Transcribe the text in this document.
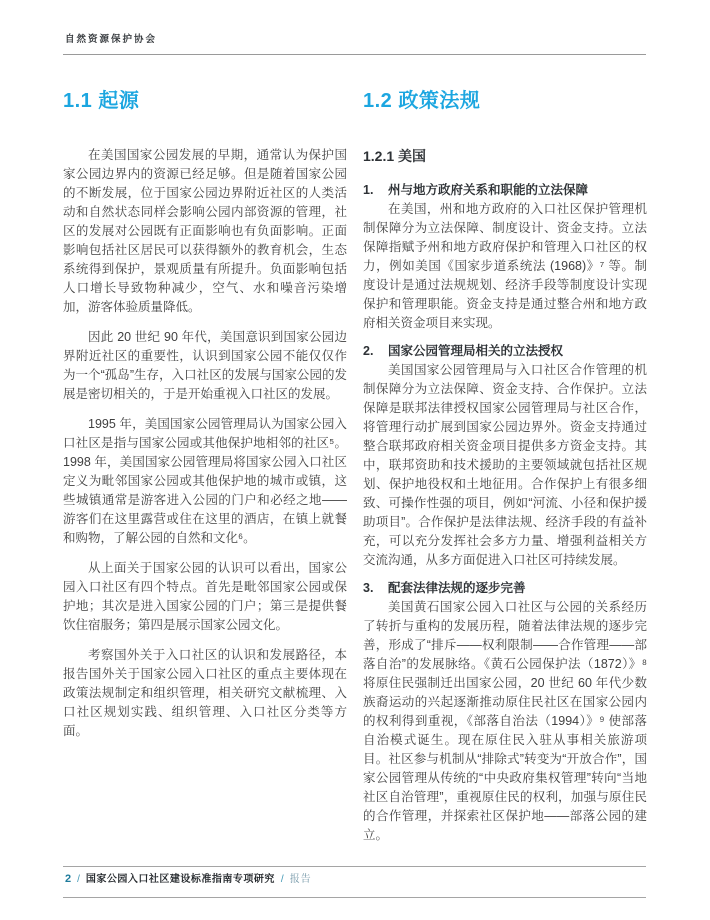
自然资源保护协会
1.1 起源

在美国国家公园发展的早期，通常认为保护国家公园边界内的资源已经足够。但是随着国家公园的不断发展，位于国家公园边界附近社区的人类活动和自然状态同样会影响公园内部资源的管理，社区的发展对公园既有正面影响也有负面影响。正面影响包括社区居民可以获得额外的教育机会，生态系统得到保护，景观质量有所提升。负面影响包括人口增长导致物种减少，空气、水和噪音污染增加，游客体验质量降低。

因此 20 世纪 90 年代，美国意识到国家公园边界附近社区的重要性，认识到国家公园不能仅仅作为一个“孤岛”生存，入口社区的发展与国家公园的发展是密切相关的，于是开始重视入口社区的发展。

1995 年，美国国家公园管理局认为国家公园入口社区是指与国家公园或其他保护地相邻的社区⁵。1998 年，美国国家公园管理局将国家公园入口社区定义为毗邻国家公园或其他保护地的城市或镇，这些城镇通常是游客进入公园的门户和必经之地——游客们在这里露营或住在这里的酒店，在镇上就餐和购物，了解公园的自然和文化⁶。

从上面关于国家公园的认识可以看出，国家公园入口社区有四个特点。首先是毗邻国家公园或保护地；其次是进入国家公园的门户；第三是提供餐饮住宿服务；第四是展示国家公园文化。

考察国外关于入口社区的认识和发展路径，本报告国外关于国家公园入口社区的重点主要体现在政策法规制定和组织管理，相关研究文献梳理、入口社区规划实践、组织管理、入口社区分类等方面。

1.2 政策法规
1.2.1 美国
1.	州与地方政府关系和职能的立法保障

在美国，州和地方政府的入口社区保护管理机制保障分为立法保障、制度设计、资金支持。立法保障指赋予州和地方政府保护和管理入口社区的权力，例如美国《国家步道系统法 (1968)》⁷ 等。制度设计是通过法规规划、经济手段等制度设计实现保护和管理职能。资金支持是通过整合州和地方政府相关资金项目来实现。

2.	国家公园管理局相关的立法授权

美国国家公园管理局与入口社区合作管理的机制保障分为立法保障、资金支持、合作保护。立法保障是联邦法律授权国家公园管理局与社区合作，将管理行动扩展到国家公园边界外。资金支持通过整合联邦政府相关资金项目提供多方资金支持。其中，联邦资助和技术援助的主要领域就包括社区规划、保护地役权和土地征用。合作保护上有很多细致、可操作性强的项目，例如“河流、小径和保护援助项目”。合作保护是法律法规、经济手段的有益补充，可以充分发挥社会多方力量、增强利益相关方交流沟通，从多方面促进入口社区可持续发展。

3.	配套法律法规的逐步完善

美国黄石国家公园入口社区与公园的关系经历了转折与重构的发展历程，随着法律法规的逐步完善，形成了“排斥——权利限制——合作管理——部落自治”的发展脉络。《黄石公园保护法（1872）》⁸ 将原住民强制迁出国家公园，20 世纪 60 年代少数族裔运动的兴起逐渐推动原住民社区在国家公园内的权利得到重视，《部落自治法（1994）》⁹ 使部落自治模式诞生。现在原住民入驻从事相关旅游项目。社区参与机制从“排除式”转变为“开放合作”，国家公园管理从传统的“中央政府集权管理”转向“当地社区自治管理”，重视原住民的权利，加强与原住民的合作管理，并探索社区保护地——部落公园的建立。

2 / 国家公园入口社区建设标准指南专项研究 / 报告
